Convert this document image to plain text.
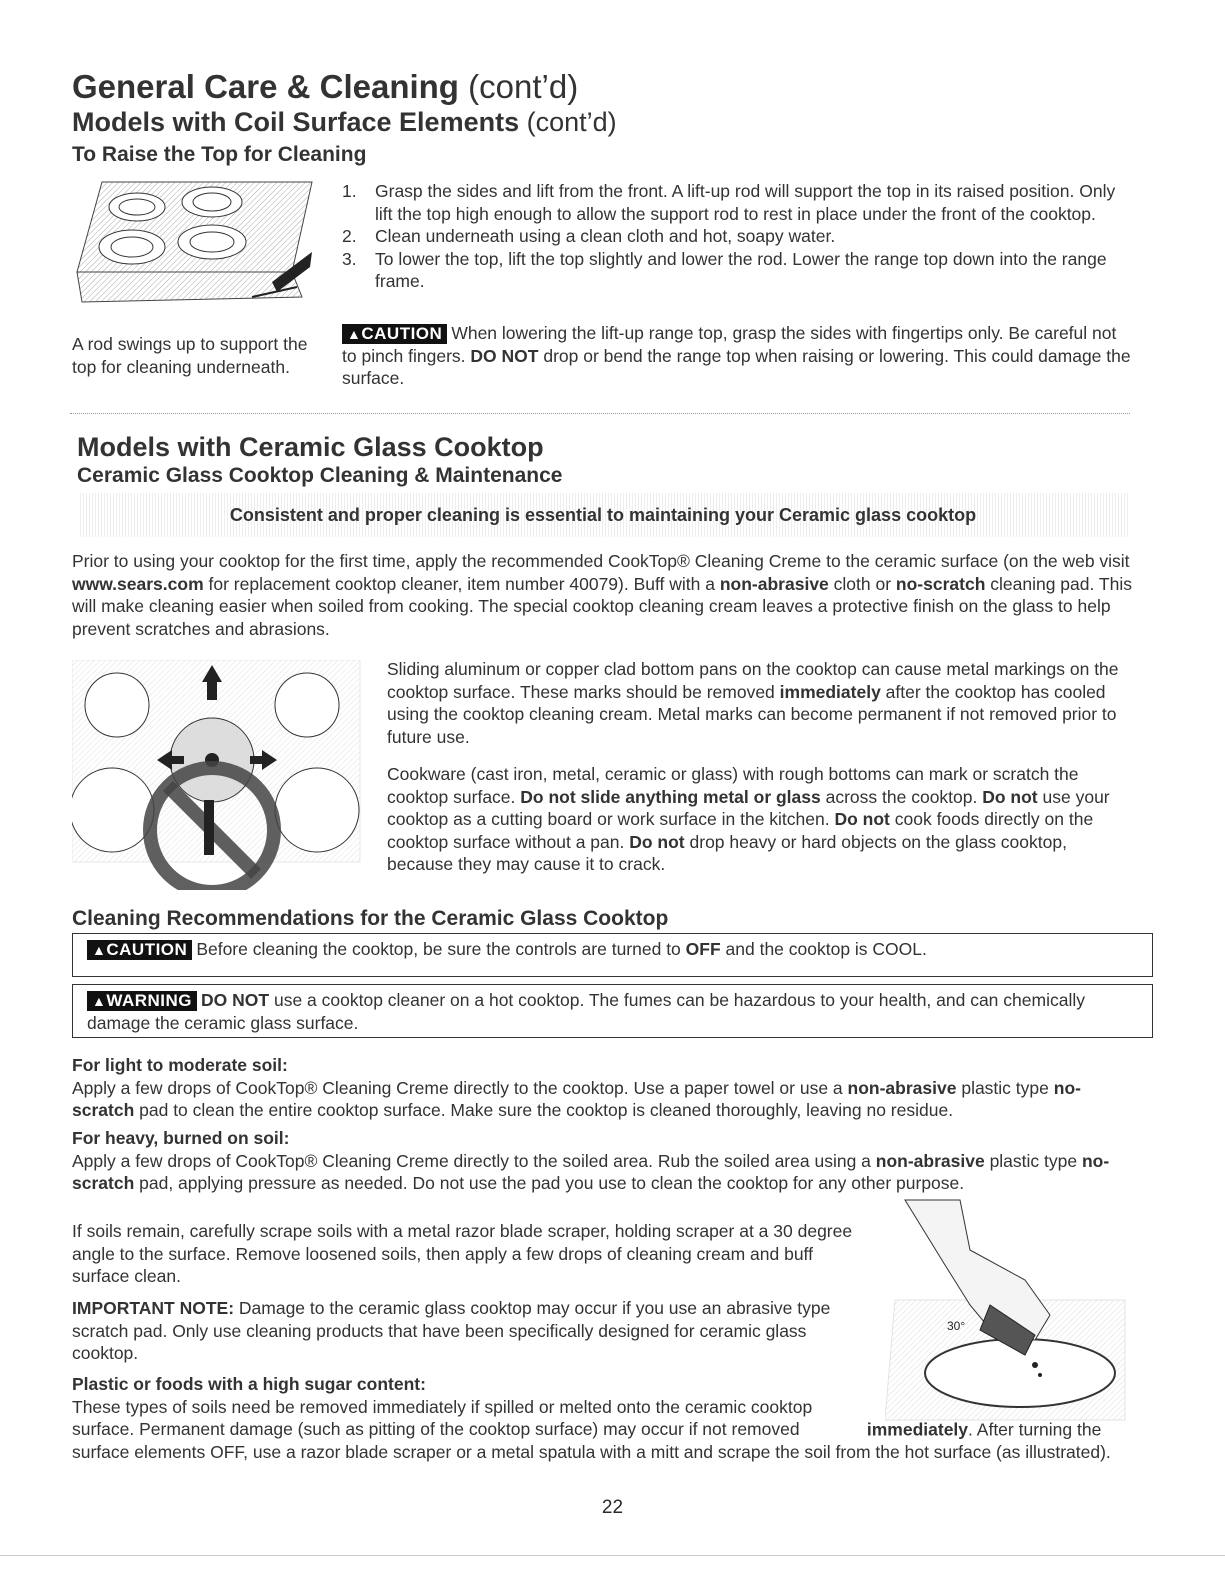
General Care & Cleaning (cont’d)
Models with Coil Surface Elements (cont’d)
To Raise the Top for Cleaning
A rod swings up to support the top for cleaning underneath.
1. Grasp the sides and lift from the front. A lift-up rod will support the top in its raised position. Only lift the top high enough to allow the support rod to rest in place under the front of the cooktop.
2. Clean underneath using a clean cloth and hot, soapy water.
3. To lower the top, lift the top slightly and lower the rod. Lower the range top down into the range frame.
▲CAUTION When lowering the lift-up range top, grasp the sides with fingertips only. Be careful not to pinch fingers. DO NOT drop or bend the range top when raising or lowering. This could damage the surface.
Models with Ceramic Glass Cooktop
Ceramic Glass Cooktop Cleaning & Maintenance
Consistent and proper cleaning is essential to maintaining your Ceramic glass cooktop
Prior to using your cooktop for the first time, apply the recommended CookTop® Cleaning Creme to the ceramic surface (on the web visit www.sears.com for replacement cooktop cleaner, item number 40079). Buff with a non-abrasive cloth or no-scratch cleaning pad. This will make cleaning easier when soiled from cooking. The special cooktop cleaning cream leaves a protective finish on the glass to help prevent scratches and abrasions.
Sliding aluminum or copper clad bottom pans on the cooktop can cause metal markings on the cooktop surface. These marks should be removed immediately after the cooktop has cooled using the cooktop cleaning cream. Metal marks can become permanent if not removed prior to future use.
Cookware (cast iron, metal, ceramic or glass) with rough bottoms can mark or scratch the cooktop surface. Do not slide anything metal or glass across the cooktop. Do not use your cooktop as a cutting board or work surface in the kitchen. Do not cook foods directly on the cooktop surface without a pan. Do not drop heavy or hard objects on the glass cooktop, because they may cause it to crack.
Cleaning Recommendations for the Ceramic Glass Cooktop
▲CAUTION Before cleaning the cooktop, be sure the controls are turned to OFF and the cooktop is COOL.
▲WARNING DO NOT use a cooktop cleaner on a hot cooktop. The fumes can be hazardous to your health, and can chemically damage the ceramic glass surface.
For light to moderate soil:
Apply a few drops of CookTop® Cleaning Creme directly to the cooktop. Use a paper towel or use a non-abrasive plastic type no-scratch pad to clean the entire cooktop surface. Make sure the cooktop is cleaned thoroughly, leaving no residue.
For heavy, burned on soil:
Apply a few drops of CookTop® Cleaning Creme directly to the soiled area. Rub the soiled area using a non-abrasive plastic type no-scratch pad, applying pressure as needed. Do not use the pad you use to clean the cooktop for any other purpose.
If soils remain, carefully scrape soils with a metal razor blade scraper, holding scraper at a 30 degree angle to the surface. Remove loosened soils, then apply a few drops of cleaning cream and buff surface clean.
IMPORTANT NOTE: Damage to the ceramic glass cooktop may occur if you use an abrasive type scratch pad. Only use cleaning products that have been specifically designed for ceramic glass cooktop.
Plastic or foods with a high sugar content:
These types of soils need be removed immediately if spilled or melted onto the ceramic cooktop surface. Permanent damage (such as pitting of the cooktop surface) may occur if not removed	immediately. After turning the surface elements OFF, use a razor blade scraper or a metal spatula with a mitt and scrape the soil from the hot surface (as illustrated).
30°
22
